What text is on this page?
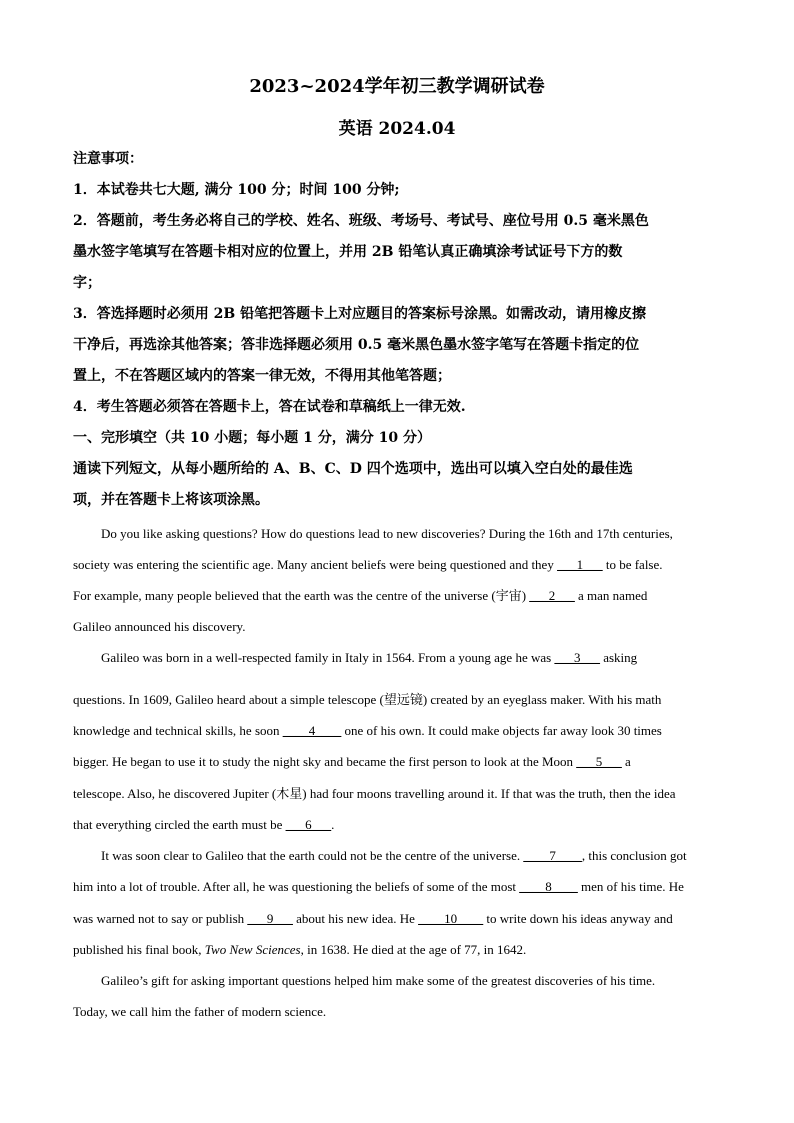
2023~2024学年初三教学调研试卷
英语 2024.04
注意事项：
1．本试卷共七大题, 满分 100 分；时间 100 分钟;
2．答题前，考生务必将自己的学校、姓名、班级、考场号、考试号、座位号用 0.5 毫米黑色
墨水签字笔填写在答题卡相对应的位置上，并用 2B 铅笔认真正确填涂考试证号下方的数
字；
3．答选择题时必须用 2B 铅笔把答题卡上对应题目的答案标号涂黑。如需改动，请用橡皮擦
干净后，再选涂其他答案；答非选择题必须用 0.5 毫米黑色墨水签字笔写在答题卡指定的位
置上，不在答题区域内的答案一律无效，不得用其他笔答题；
4．考生答题必须答在答题卡上，答在试卷和草稿纸上一律无效.
一、完形填空（共 10 小题；每小题 1 分，满分 10 分）
通读下列短文，从每小题所给的 A、B、C、D 四个选项中，选出可以填入空白处的最佳选
项，并在答题卡上将该项涂黑。
Do you like asking questions? How do questions lead to new discoveries? During the 16th and 17th centuries,
society was entering the scientific age. Many ancient beliefs were being questioned and they ___1___ to be false.
For example, many people believed that the earth was the centre of the universe (宇宙) ___2___ a man named
Galileo announced his discovery.
Galileo was born in a well-respected family in Italy in 1564. From a young age he was ___3___ asking
questions. In 1609, Galileo heard about a simple telescope (望远镜) created by an eyeglass maker. With his math
knowledge and technical skills, he soon ____4____ one of his own. It could make objects far away look 30 times
bigger. He began to use it to study the night sky and became the first person to look at the Moon ___5___ a
telescope. Also, he discovered Jupiter (木星) had four moons travelling around it. If that was the truth, then the idea
that everything circled the earth must be ___6___.
It was soon clear to Galileo that the earth could not be the centre of the universe. ____7____, this conclusion got
him into a lot of trouble. After all, he was questioning the beliefs of some of the most ____8____ men of his time. He
was warned not to say or publish ___9___ about his new idea. He ____10____ to write down his ideas anyway and
published his final book, Two New Sciences, in 1638. He died at the age of 77, in 1642.
Galileo’s gift for asking important questions helped him make some of the greatest discoveries of his time.
Today, we call him the father of modern science.
